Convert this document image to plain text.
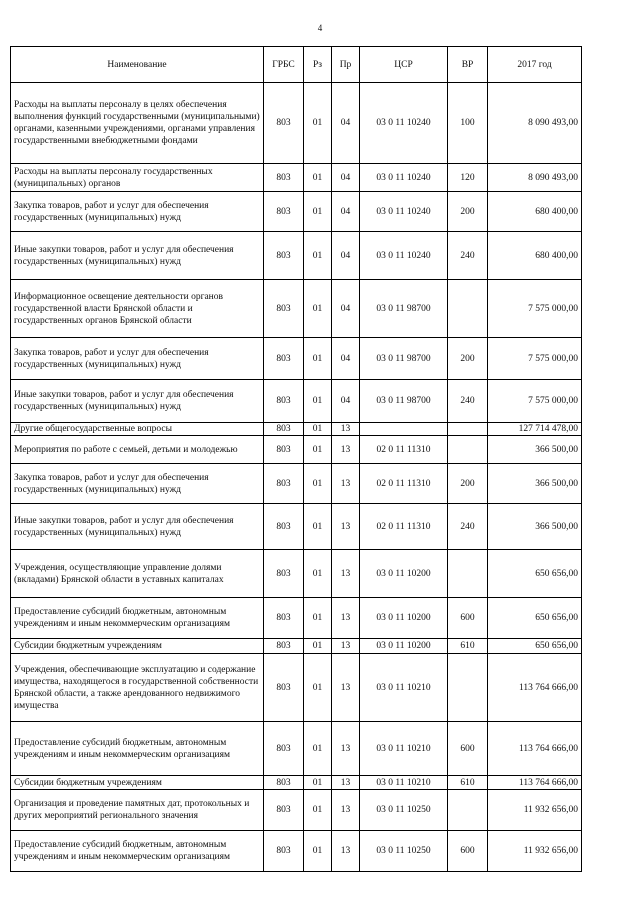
4
Наименование	ГРБС	Рз	Пр	ЦСР	ВР	2017 год
Расходы на выплаты персоналу в целях обеспечения выполнения функций государственными (муниципальными) органами, казенными учреждениями, органами управления государственными внебюджетными фондами	803	01	04	03 0 11 10240	100	8 090 493,00
Расходы на выплаты персоналу государственных (муниципальных) органов	803	01	04	03 0 11 10240	120	8 090 493,00
Закупка товаров, работ и услуг для обеспечения государственных (муниципальных) нужд	803	01	04	03 0 11 10240	200	680 400,00
Иные закупки товаров, работ и услуг для обеспечения государственных (муниципальных) нужд	803	01	04	03 0 11 10240	240	680 400,00
Информационное освещение деятельности органов государственной власти Брянской области и государственных органов Брянской области	803	01	04	03 0 11 98700		7 575 000,00
Закупка товаров, работ и услуг для обеспечения государственных (муниципальных) нужд	803	01	04	03 0 11 98700	200	7 575 000,00
Иные закупки товаров, работ и услуг для обеспечения государственных (муниципальных) нужд	803	01	04	03 0 11 98700	240	7 575 000,00
Другие общегосударственные вопросы	803	01	13			127 714 478,00
Мероприятия по работе с семьей, детьми и молодежью	803	01	13	02 0 11 11310		366 500,00
Закупка товаров, работ и услуг для обеспечения государственных (муниципальных) нужд	803	01	13	02 0 11 11310	200	366 500,00
Иные закупки товаров, работ и услуг для обеспечения государственных (муниципальных) нужд	803	01	13	02 0 11 11310	240	366 500,00
Учреждения, осуществляющие управление долями (вкладами) Брянской области в уставных капиталах	803	01	13	03 0 11 10200		650 656,00
Предоставление субсидий бюджетным, автономным учреждениям и иным некоммерческим организациям	803	01	13	03 0 11 10200	600	650 656,00
Субсидии бюджетным учреждениям	803	01	13	03 0 11 10200	610	650 656,00
Учреждения, обеспечивающие эксплуатацию и содержание имущества, находящегося в государственной собственности Брянской области, а также арендованного недвижимого имущества	803	01	13	03 0 11 10210		113 764 666,00
Предоставление субсидий бюджетным, автономным учреждениям и иным некоммерческим организациям	803	01	13	03 0 11 10210	600	113 764 666,00
Субсидии бюджетным учреждениям	803	01	13	03 0 11 10210	610	113 764 666,00
Организация и проведение памятных дат, протокольных и других мероприятий регионального значения	803	01	13	03 0 11 10250		11 932 656,00
Предоставление субсидий бюджетным, автономным учреждениям и иным некоммерческим организациям	803	01	13	03 0 11 10250	600	11 932 656,00
